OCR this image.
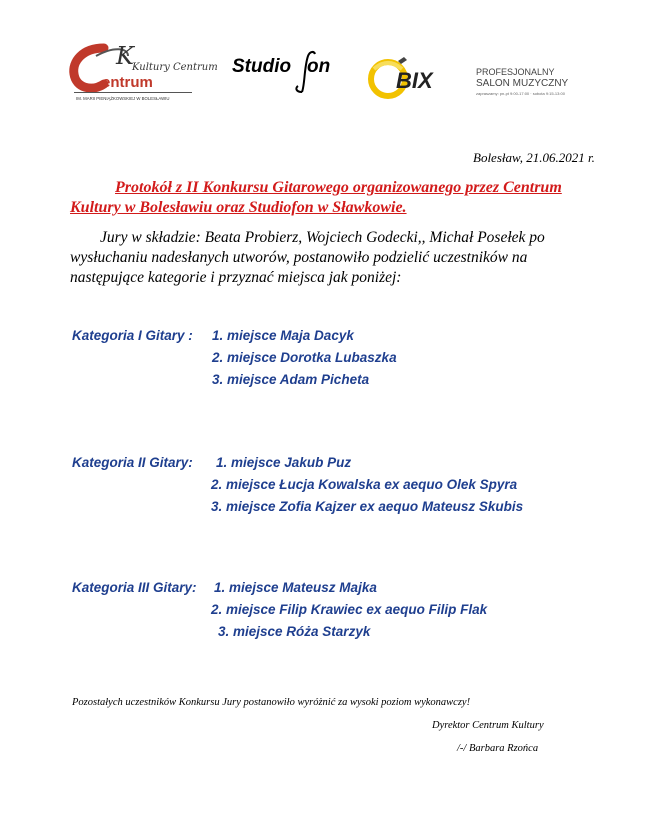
K
Kultury Centrum
entrum
IM. MARII PIENIĄŻKOWSKIEJ W BOLESŁAWIU
Studio on
Studiofon
BIX	PROFESJONALNY
SALON MUZYCZNY
zapraszamy: pn-pt 9:00-17:00 · sobota 9:15-13:00
Bolesław, 21.06.2021 r.
Protokół z II Konkursu Gitarowego organizowanego przez Centrum
Kultury w Bolesławiu oraz Studiofon w Sławkowie.
Jury w składzie: Beata Probierz, Wojciech Godecki,, Michał Posełek po
wysłuchaniu nadesłanych utworów, postanowiło podzielić uczestników na
następujące kategorie i przyznać miejsca jak poniżej:
Kategoria I Gitary : 1. miejsce Maja Dacyk
2. miejsce Dorotka Lubaszka
3. miejsce Adam Picheta
Kategoria II Gitary: 1. miejsce Jakub Puz
2. miejsce Łucja Kowalska ex aequo Olek Spyra
3. miejsce Zofia Kajzer ex aequo Mateusz Skubis
Kategoria III Gitary: 1. miejsce Mateusz Majka
2. miejsce Filip Krawiec ex aequo Filip Flak
3. miejsce Róża Starzyk
Pozostałych uczestników Konkursu Jury postanowiło wyróżnić za wysoki poziom wykonawczy!
Dyrektor Centrum Kultury
/-/ Barbara Rzońca
